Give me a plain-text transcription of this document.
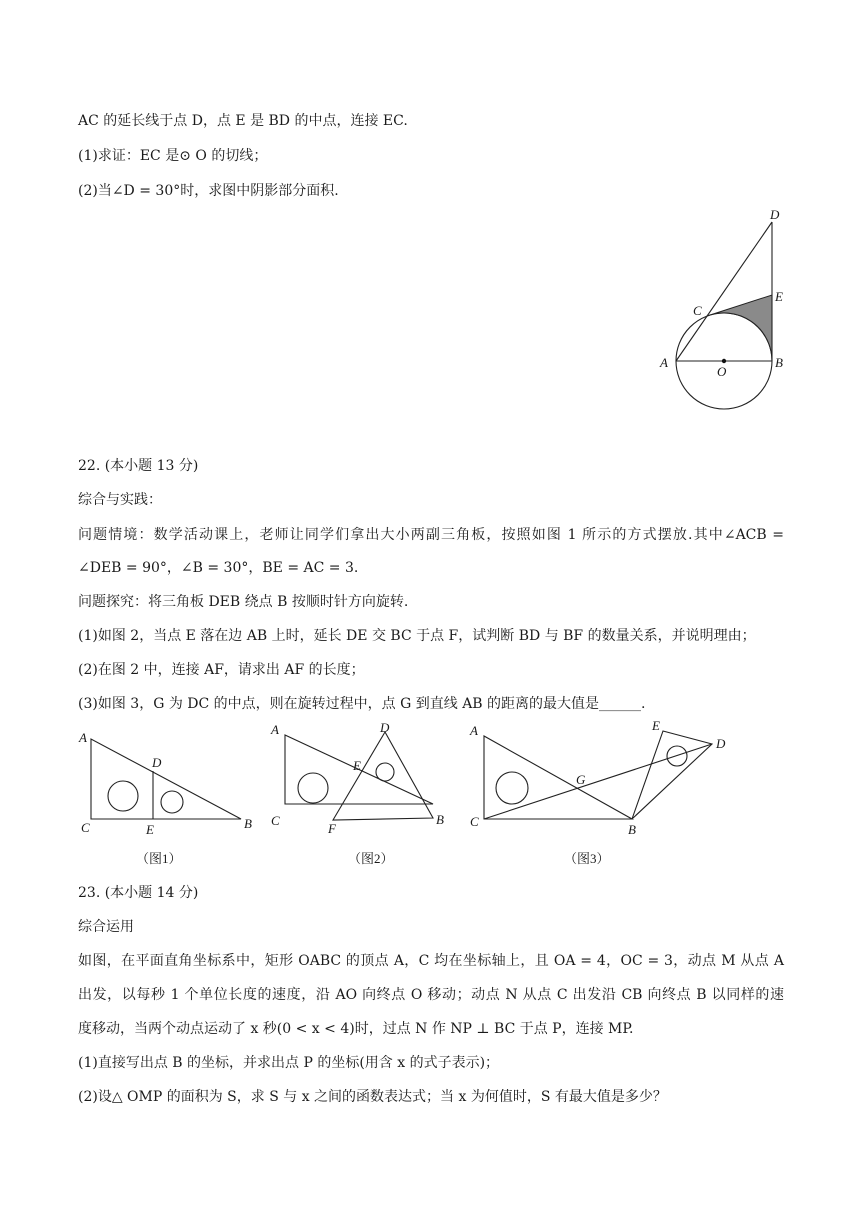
AC 的延长线于点 D，点 E 是 BD 的中点，连接 EC.
(1)求证：EC 是⊙ O 的切线；
(2)当∠D = 30°时，求图中阴影部分面积.
A	B
C
D
E
O
22. (本小题 13 分)
综合与实践：
问题情境：数学活动课上，老师让同学们拿出大小两副三角板，按照如图 1 所示的方式摆放.其中∠ACB =
∠DEB = 90°，∠B = 30°，BE = AC = 3.
问题探究：将三角板 DEB 绕点 B 按顺时针方向旋转.
(1)如图 2，当点 E 落在边 AB 上时，延长 DE 交 BC 于点 F，试判断 BD 与 BF 的数量关系，并说明理由；
(2)在图 2 中，连接 AF，请求出 AF 的长度；
(3)如图 3，G 为 DC 的中点，则在旋转过程中，点 G 到直线 AB 的距离的最大值是______.
A
C	E
D
B
（图1）
A
C
F
D
E
B
（图2）
A
C
B
G
E
D
（图3）
23. (本小题 14 分)
综合运用
如图，在平面直角坐标系中，矩形 OABC 的顶点 A，C 均在坐标轴上，且 OA = 4，OC = 3，动点 M 从点 A
出发，以每秒 1 个单位长度的速度，沿 AO 向终点 O 移动；动点 N 从点 C 出发沿 CB 向终点 B 以同样的速
度移动，当两个动点运动了 x 秒(0 < x < 4)时，过点 N 作 NP ⊥ BC 于点 P，连接 MP.
(1)直接写出点 B 的坐标，并求出点 P 的坐标(用含 x 的式子表示)；
(2)设△ OMP 的面积为 S，求 S 与 x 之间的函数表达式；当 x 为何值时，S 有最大值是多少？
